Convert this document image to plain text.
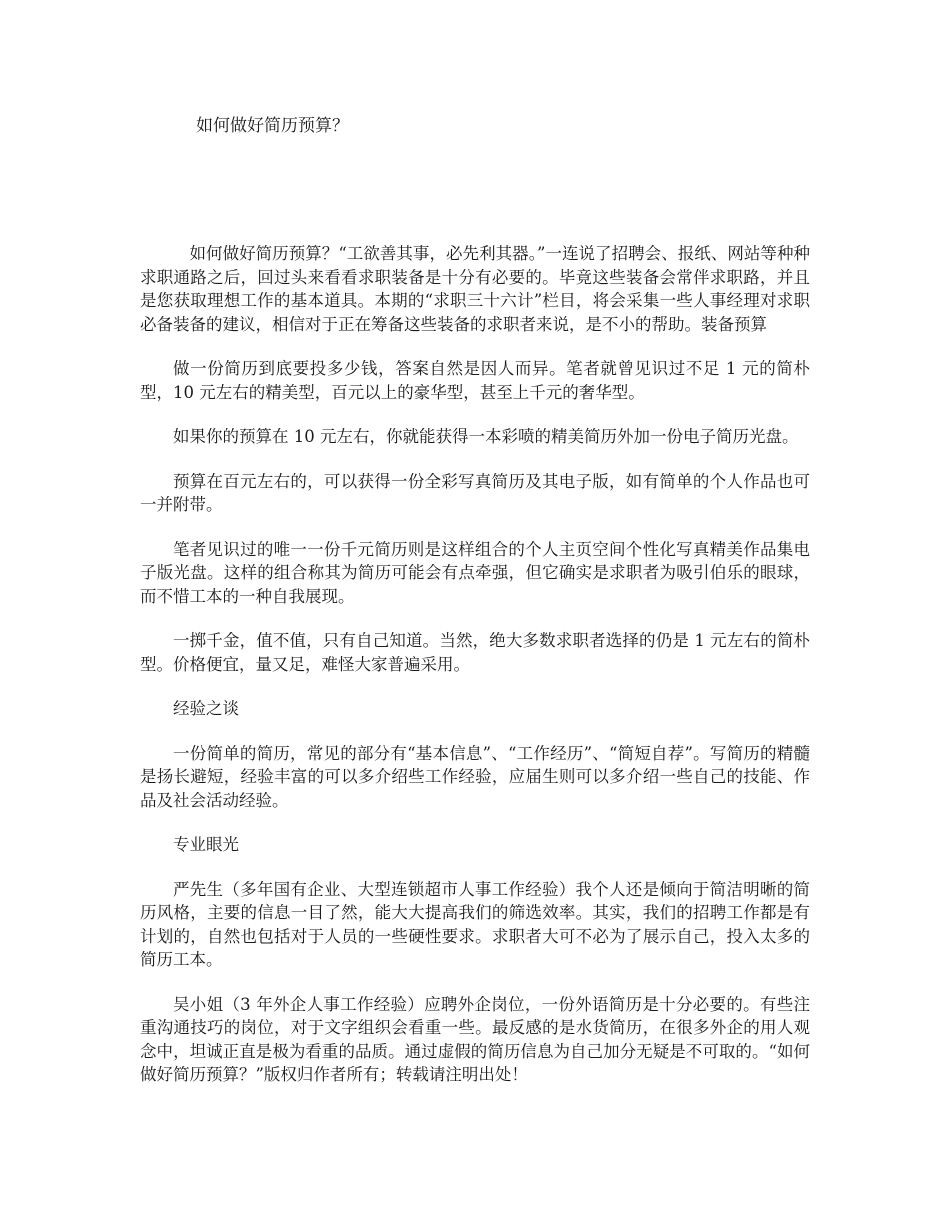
如何做好简历预算？

如何做好简历预算？“工欲善其事，必先利其器。”一连说了招聘会、报纸、网站等种种求职通路之后，回过头来看看求职装备是十分有必要的。毕竟这些装备会常伴求职路，并且是您获取理想工作的基本道具。本期的“求职三十六计”栏目，将会采集一些人事经理对求职必备装备的建议，相信对于正在筹备这些装备的求职者来说，是不小的帮助。装备预算

做一份简历到底要投多少钱，答案自然是因人而异。笔者就曾见识过不足 1 元的简朴型，10 元左右的精美型，百元以上的豪华型，甚至上千元的奢华型。

如果你的预算在 10 元左右，你就能获得一本彩喷的精美简历外加一份电子简历光盘。

预算在百元左右的，可以获得一份全彩写真简历及其电子版，如有简单的个人作品也可一并附带。

笔者见识过的唯一一份千元简历则是这样组合的个人主页空间个性化写真精美作品集电子版光盘。这样的组合称其为简历可能会有点牵强，但它确实是求职者为吸引伯乐的眼球，而不惜工本的一种自我展现。

一掷千金，值不值，只有自己知道。当然，绝大多数求职者选择的仍是 1 元左右的简朴型。价格便宜，量又足，难怪大家普遍采用。

经验之谈

一份简单的简历，常见的部分有“基本信息”、“工作经历”、“简短自荐”。写简历的精髓是扬长避短，经验丰富的可以多介绍些工作经验，应届生则可以多介绍一些自己的技能、作品及社会活动经验。

专业眼光

严先生（多年国有企业、大型连锁超市人事工作经验）我个人还是倾向于简洁明晰的简历风格，主要的信息一目了然，能大大提高我们的筛选效率。其实，我们的招聘工作都是有计划的，自然也包括对于人员的一些硬性要求。求职者大可不必为了展示自己，投入太多的简历工本。

吴小姐（3 年外企人事工作经验）应聘外企岗位，一份外语简历是十分必要的。有些注重沟通技巧的岗位，对于文字组织会看重一些。最反感的是水货简历，在很多外企的用人观念中，坦诚正直是极为看重的品质。通过虚假的简历信息为自己加分无疑是不可取的。“如何做好简历预算？”版权归作者所有；转载请注明出处！
